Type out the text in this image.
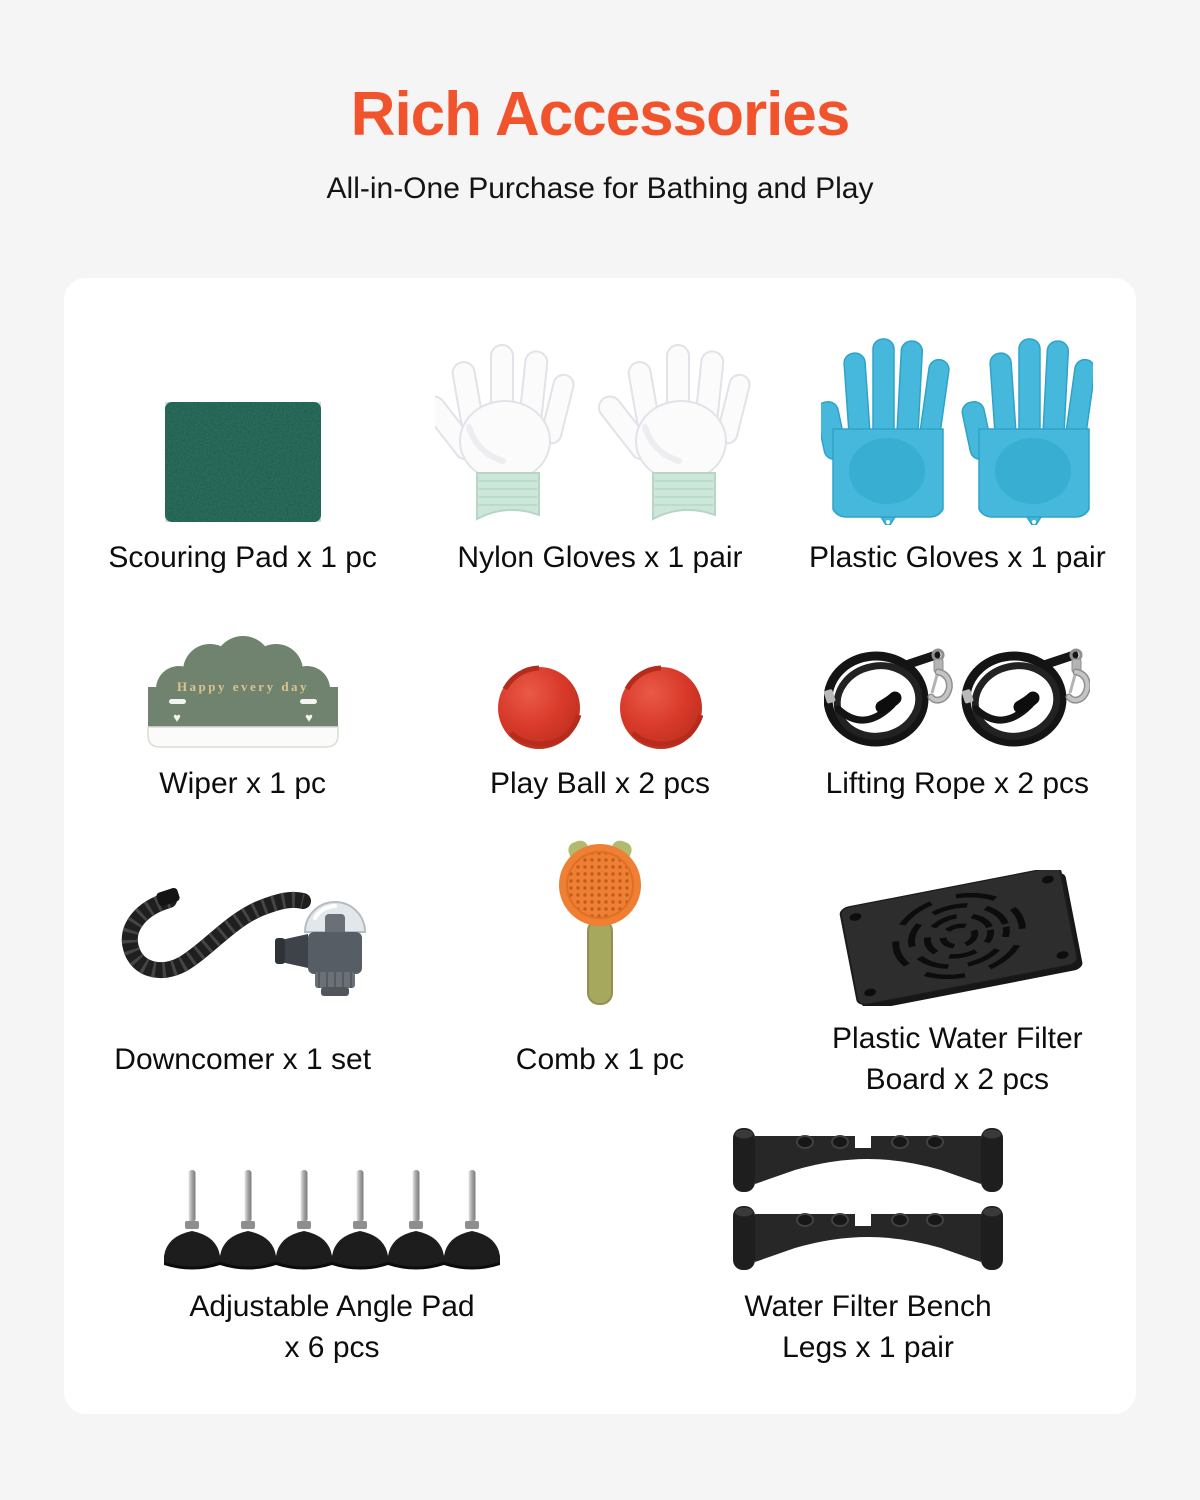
Rich Accessories

All-in-One Purchase for Bathing and Play

Scouring Pad x 1 pc	Nylon Gloves x 1 pair Plastic Gloves x 1 pair
Happy every day
♥	♥
Wiper x 1 pc	Play Ball x 2 pcs	Lifting Rope x 2 pcs
Downcomer x 1 set	Comb x 1 pc
Plastic Water Filter
Board x 2 pcs
Adjustable Angle Pad
x 6 pcs
Water Filter Bench
Legs x 1 pair
